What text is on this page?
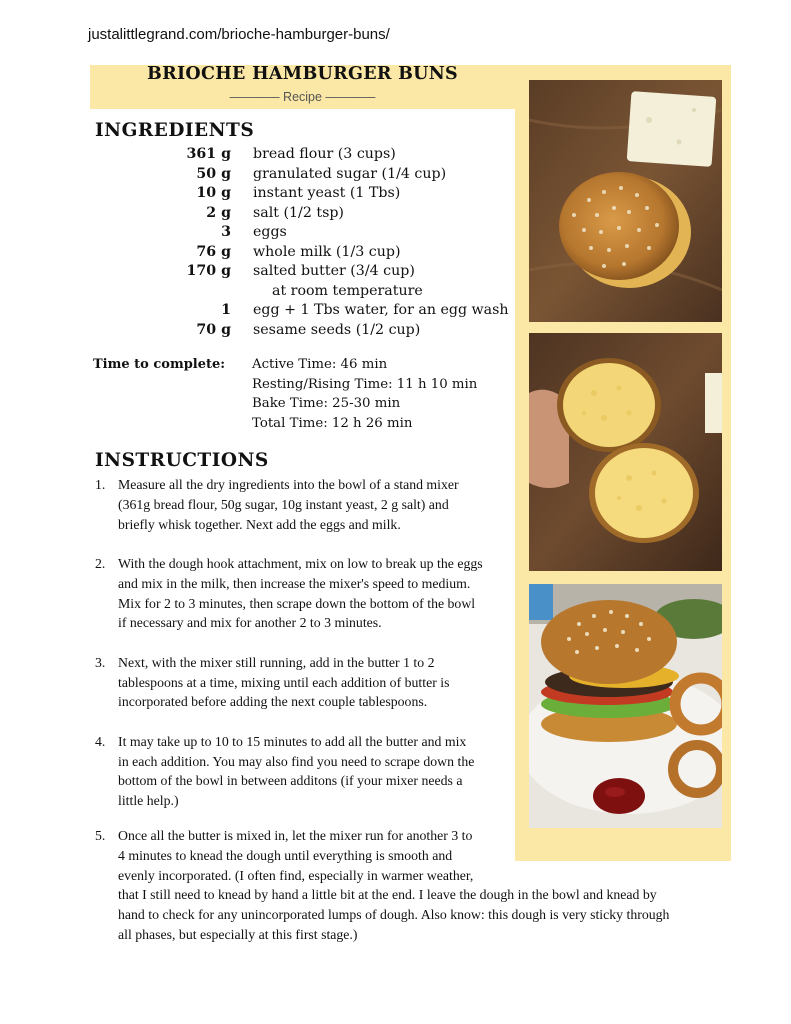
justalittlegrand.com/brioche-hamburger-buns/
BRIOCHE HAMBURGER BUNS
———— Recipe ————
INGREDIENTS
361 g bread flour (3 cups)
50 g granulated sugar (1/4 cup)
10 g instant yeast (1 Tbs)
2 g salt (1/2 tsp)
3 eggs
76 g whole milk (1/3 cup)
170 g salted butter (3/4 cup)
at room temperature
1 egg + 1 Tbs water, for an egg wash
70 g sesame seeds (1/2 cup)
Time to complete: Active Time: 46 min
Resting/Rising Time: 11 h 10 min
Bake Time: 25-30 min
Total Time: 12 h 26 min
INSTRUCTIONS
1. Measure all the dry ingredients into the bowl of a stand mixer
(361g bread flour, 50g sugar, 10g instant yeast, 2 g salt) and
briefly whisk together. Next add the eggs and milk.
2. With the dough hook attachment, mix on low to break up the eggs
and mix in the milk, then increase the mixer's speed to medium.
Mix for 2 to 3 minutes, then scrape down the bottom of the bowl
if necessary and mix for another 2 to 3 minutes.
3. Next, with the mixer still running, add in the butter 1 to 2
tablespoons at a time, mixing until each addition of butter is
incorporated before adding the next couple tablespoons.
4. It may take up to 10 to 15 minutes to add all the butter and mix
in each addition. You may also find you need to scrape down the
bottom of the bowl in between additons (if your mixer needs a
little help.)
5. Once all the butter is mixed in, let the mixer run for another 3 to
4 minutes to knead the dough until everything is smooth and
evenly incorporated. (I often find, especially in warmer weather,
that I still need to knead by hand a little bit at the end. I leave the dough in the bowl and knead by
hand to check for any unincorporated lumps of dough. Also know: this dough is very sticky through
all phases, but especially at this first stage.)
